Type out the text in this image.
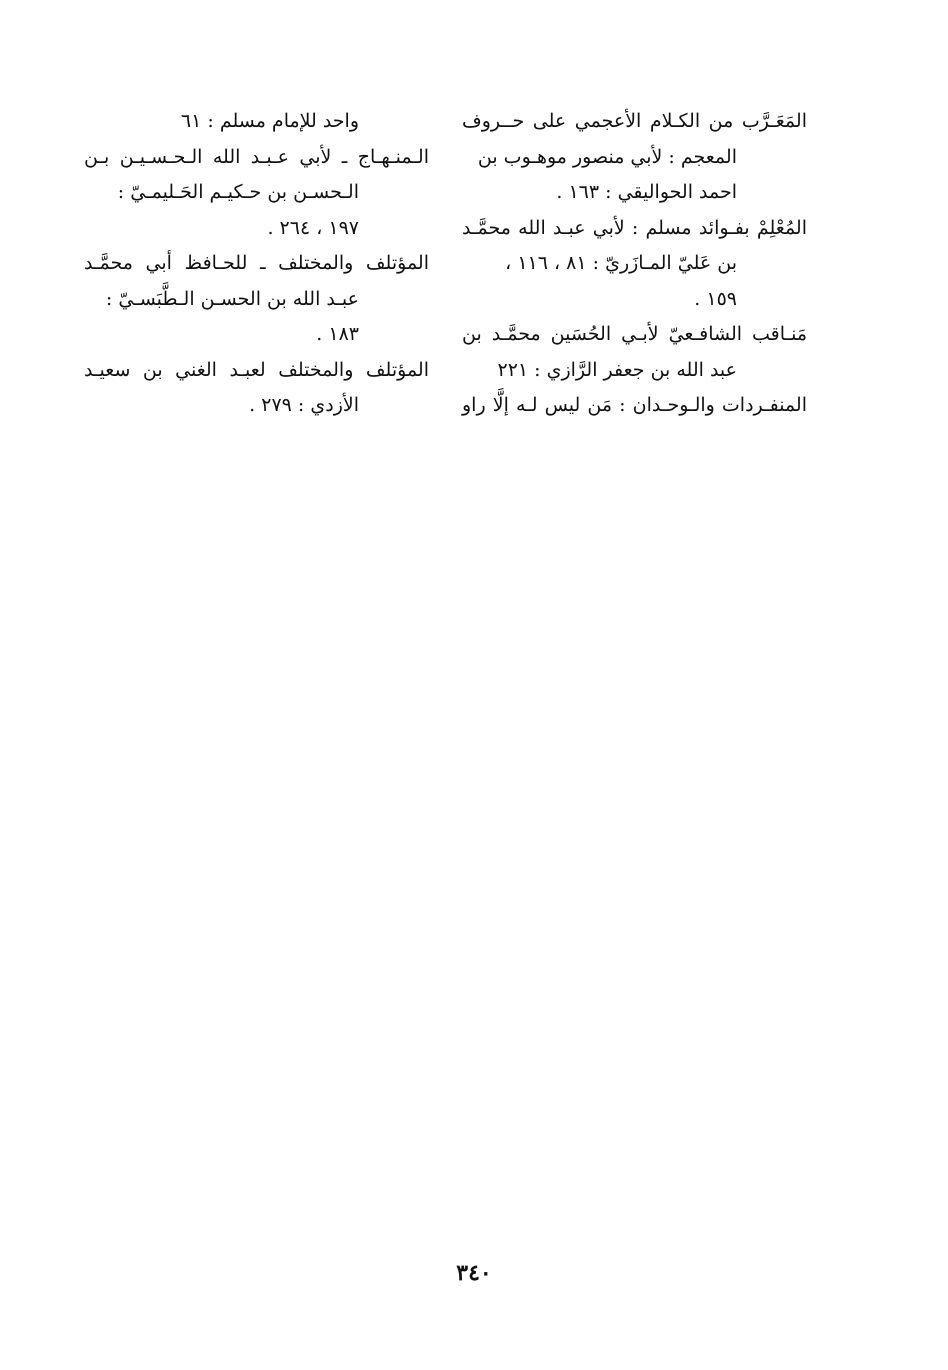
المَعَـرَّب من الكـلام الأعجمي على حــروف
المعجم : لأبي منصور موهـوب بن
احمد الحواليقي : ١٦٣ .
المُعْلِمْ بفـوائد مسلم : لأبي عبـد الله محمَّـد
بن عَليّ المـازَريّ : ٨١ ، ١١٦ ،
١٥٩ .
مَنـاقب الشافـعيّ لأبـي الحُسَين محمَّـد بن
عبد الله بن جعفر الرَّازي : ٢٢١
المنفـردات والـوحـدان : مَن ليس لـه إلَّا راو
واحد للإمام مسلم : ٦١
الـمنـهـاج ـ لأبي عـبـد الله الـحـسـيـن بـن
الـحسـن بن حـكيـم الحَـليمـيّ :
١٩٧ ، ٢٦٤ .
المؤتلف والمختلف ـ للحـافظ أبي محمَّـد
عبـد الله بن الحسـن الـطَّبَسـيّ :
١٨٣ .
المؤتلف والمختلف لعبـد الغني بن سعيـد
الأزدي : ٢٧٩ .
٣٤٠
